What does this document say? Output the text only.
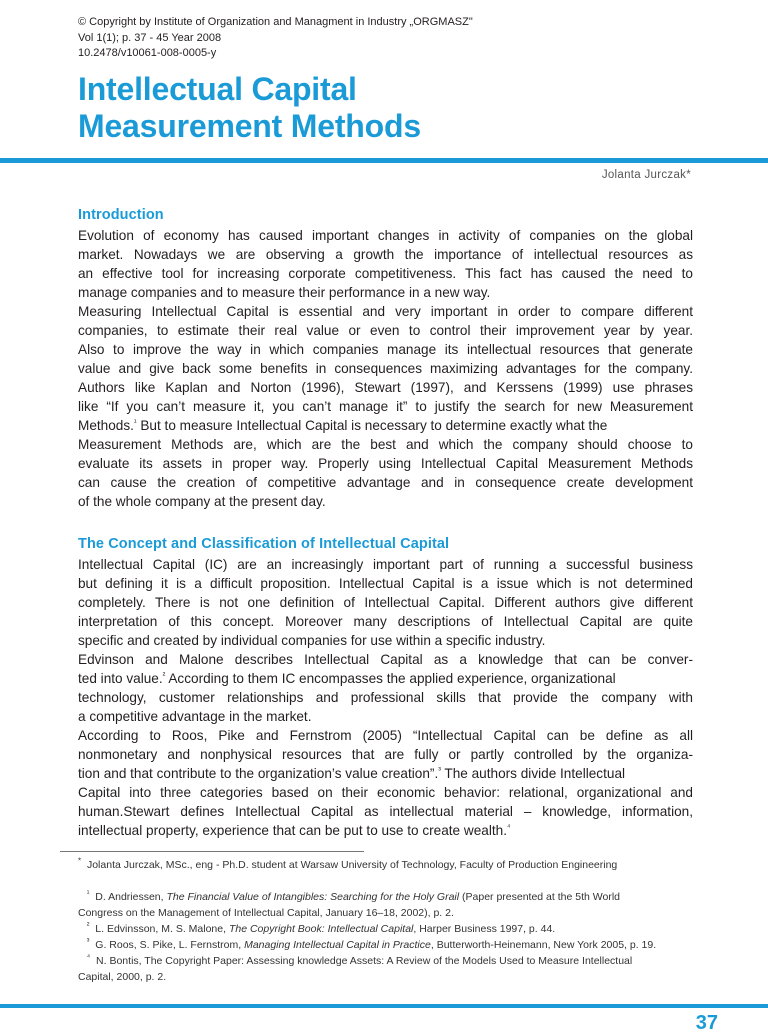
© Copyright by Institute of Organization and Managment in Industry „ORGMASZ"
Vol 1(1); p. 37 - 45 Year 2008
10.2478/v10061-008-0005-y
Intellectual Capital
Measurement Methods
Jolanta Jurczak*
Introduction

Evolution of economy has caused important changes in activity of companies on the global
market. Nowadays we are observing a growth the importance of intellectual resources as
an effective tool for increasing corporate competitiveness. This fact has caused the need to
manage companies and to measure their performance in a new way.
Measuring Intellectual Capital is essential and very important in order to compare different
companies, to estimate their real value or even to control their improvement year by year.
Also to improve the way in which companies manage its intellectual resources that generate
value and give back some benefits in consequences maximizing advantages for the company.
Authors like Kaplan and Norton (1996), Stewart (1997), and Kerssens (1999) use phrases
like “If you can’t measure it, you can’t manage it” to justify the search for new Measurement
Methods.$^{^1}$ But to measure Intellectual Capital is necessary to determine exactly what the
Measurement Methods are, which are the best and which the company should choose to
evaluate its assets in proper way. Properly using Intellectual Capital Measurement Methods
can cause the creation of competitive advantage and in consequence create development
of the whole company at the present day.

The Concept and Classification of Intellectual Capital

Intellectual Capital (IC) are an increasingly important part of running a successful business
but defining it is a difficult proposition. Intellectual Capital is a issue which is not determined
completely. There is not one definition of Intellectual Capital. Different authors give different
interpretation of this concept. Moreover many descriptions of Intellectual Capital are quite
specific and created by individual companies for use within a specific industry.
Edvinson and Malone describes Intellectual Capital as a knowledge that can be conver-
ted into value.$^{^2}$ According to them IC encompasses the applied experience, organizational
technology, customer relationships and professional skills that provide the company with
a competitive advantage in the market.
According to Roos, Pike and Fernstrom (2005) “Intellectual Capital can be define as all
nonmonetary and nonphysical resources that are fully or partly controlled by the organiza-
tion and that contribute to the organization’s value creation”.$^{^3}$ The authors divide Intellectual
Capital into three categories based on their economic behavior: relational, organizational and
human.Stewart defines Intellectual Capital as intellectual material – knowledge, information,
intellectual property, experience that can be put to use to create wealth.$^{^4}$

* Jolanta Jurczak, MSc., eng - Ph.D. student at Warsaw University of Technology, Faculty of Production Engineering
$^{^1}$ D. Andriessen, The Financial Value of Intangibles: Searching for the Holy Grail (Paper presented at the 5th World
Congress on the Management of Intellectual Capital, January 16–18, 2002), p. 2.
$^{^2}$ L. Edvinsson, M. S. Malone, The Copyright Book: Intellectual Capital, Harper Business 1997, p. 44.
$^{^3}$ G. Roos, S. Pike, L. Fernstrom, Managing Intellectual Capital in Practice, Butterworth-Heinemann, New York 2005, p. 19.
$^{^4}$ N. Bontis, The Copyright Paper: Assessing knowledge Assets: A Review of the Models Used to Measure Intellectual
Capital, 2000, p. 2.
37
